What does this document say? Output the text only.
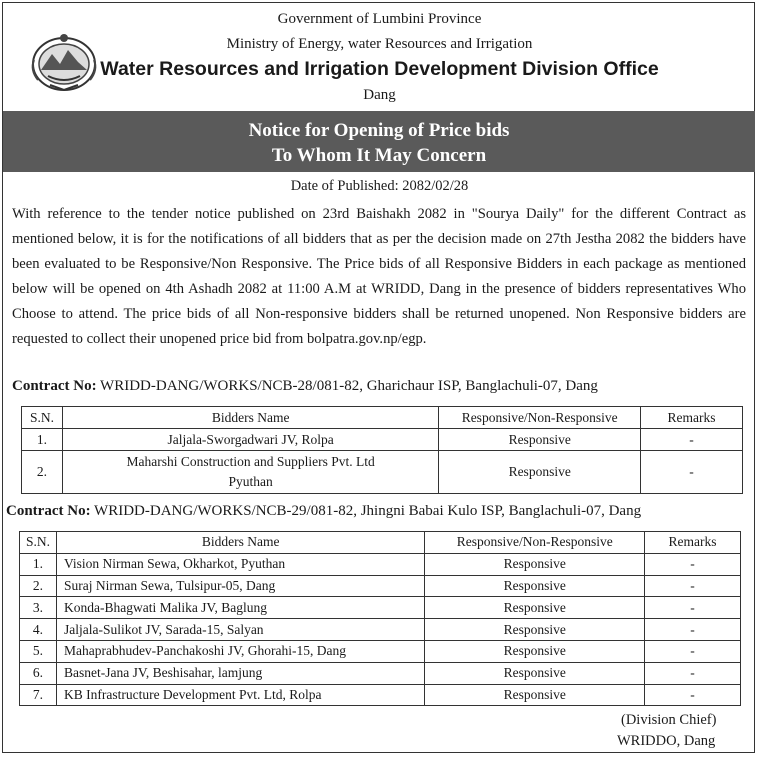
Government of Lumbini Province
Ministry of Energy, water Resources and Irrigation
Water Resources and Irrigation Development Division Office
Dang
Notice for Opening of Price bids
To Whom It May Concern
Date of Published: 2082/02/28
With reference to the tender notice published on 23rd Baishakh 2082 in "Sourya Daily" for the different Contract as mentioned below, it is for the notifications of all bidders that as per the decision made on 27th Jestha 2082 the bidders have been evaluated to be Responsive/Non Responsive. The Price bids of all Responsive Bidders in each package as mentioned below will be opened on 4th Ashadh 2082 at 11:00 A.M at WRIDD, Dang in the presence of bidders representatives Who Choose to attend. The price bids of all Non-responsive bidders shall be returned unopened. Non Responsive bidders are requested to collect their unopened price bid from bolpatra.gov.np/egp.
Contract No: WRIDD-DANG/WORKS/NCB-28/081-82, Gharichaur ISP, Banglachuli-07, Dang
S.N.	Bidders Name	Responsive/Non-Responsive	Remarks
1.	Jaljala-Sworgadwari JV, Rolpa	Responsive	-
2.	Maharshi Construction and Suppliers Pvt. Ltd
Pyuthan	Responsive	-
Contract No: WRIDD-DANG/WORKS/NCB-29/081-82, Jhingni Babai Kulo ISP, Banglachuli-07, Dang
S.N.	Bidders Name	Responsive/Non-Responsive	Remarks
1.	Vision Nirman Sewa, Okharkot, Pyuthan	Responsive	-
2.	Suraj Nirman Sewa, Tulsipur-05, Dang	Responsive	-
3.	Konda-Bhagwati Malika JV, Baglung	Responsive	-
4.	Jaljala-Sulikot JV, Sarada-15, Salyan	Responsive	-
5.	Mahaprabhudev-Panchakoshi JV, Ghorahi-15, Dang	Responsive	-
6.	Basnet-Jana JV, Beshisahar, lamjung	Responsive	-
7.	KB Infrastructure Development Pvt. Ltd, Rolpa	Responsive	-
(Division Chief)
WRIDDO, Dang
